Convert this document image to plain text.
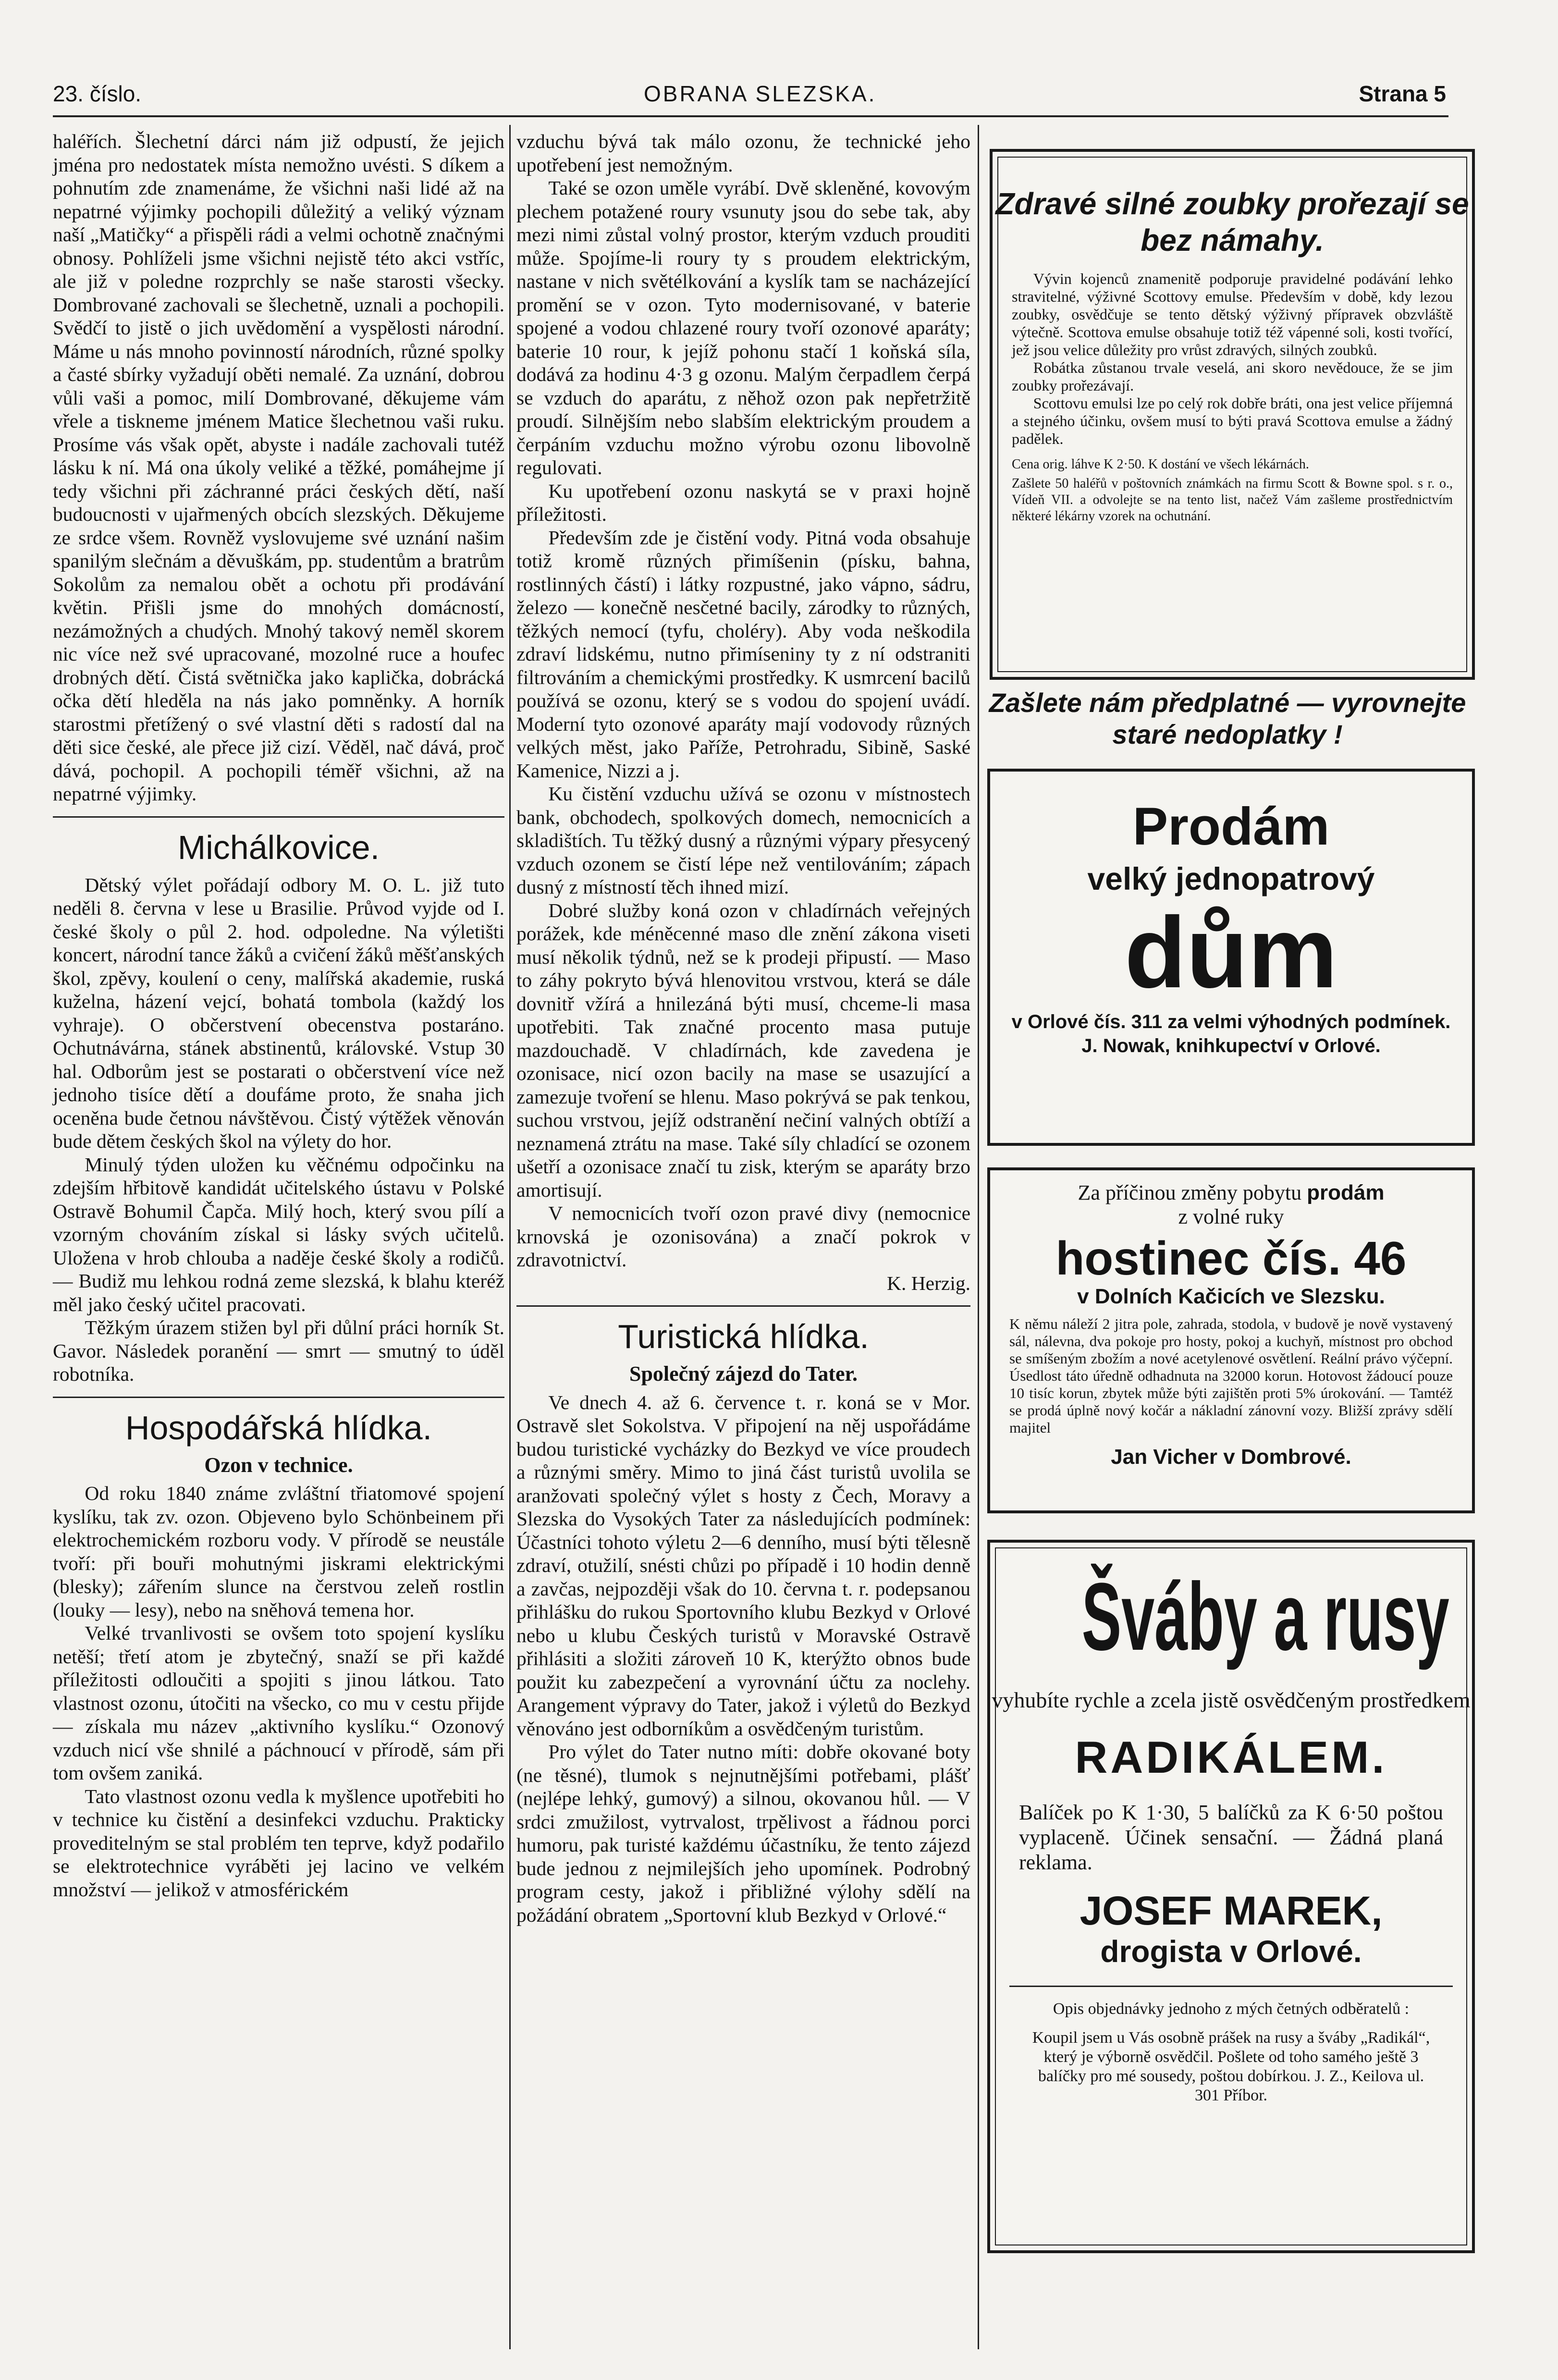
23. číslo.	OBRANA SLEZSKA.	Strana 5

haléřích. Šlechetní dárci nám již odpustí, že jejich jména pro nedostatek místa nemožno uvésti. S díkem a pohnutím zde znamenáme, že všichni naši lidé až na nepatrné výjimky pochopili důležitý a veliký význam naší „Matičky“ a přispěli rádi a velmi ochotně značnými obnosy. Pohlíželi jsme všichni nejistě této akci vstříc, ale již v poledne rozprchly se naše starosti všecky. Dombrované zachovali se šlechetně, uznali a pochopili. Svědčí to jistě o jich uvědomění a vyspělosti národní. Máme u nás mnoho povinností národních, různé spolky a časté sbírky vyžadují oběti nemalé. Za uznání, dobrou vůli vaši a pomoc, milí Dombrované, děkujeme vám vřele a tiskneme jménem Matice šlechetnou vaši ruku. Prosíme vás však opět, abyste i nadále zachovali tutéž lásku k ní. Má ona úkoly veliké a těžké, pomáhejme jí tedy všichni při záchranné práci českých dětí, naší budoucnosti v ujařmených obcích slezských. Děkujeme ze srdce všem. Rovněž vyslovujeme své uznání našim spanilým slečnám a děvuškám, pp. studentům a bratrům Sokolům za nemalou obět a ochotu při prodávání květin. Přišli jsme do mnohých domácností, nezámožných a chudých. Mnohý takový neměl skorem nic více než své upracované, mozolné ruce a houfec drobných dětí. Čistá světnička jako kaplička, dobrácká očka dětí hleděla na nás jako pomněnky. A horník starostmi přetížený o své vlastní děti s radostí dal na děti sice české, ale přece již cizí. Věděl, nač dává, proč dává, pochopil. A pochopili téměř všichni, až na nepatrné výjimky.

Michálkovice.

Dětský výlet pořádají odbory M. O. L. již tuto neděli 8. června v lese u Brasilie. Průvod vyjde od I. české školy o půl 2. hod. odpoledne. Na výletišti koncert, národní tance žáků a cvičení žáků měšťanských škol, zpěvy, koulení o ceny, malířská akademie, ruská kuželna, házení vejcí, bohatá tombola (každý los vyhraje). O občerstvení obecenstva postaráno. Ochutnávárna, stánek abstinentů, královské. Vstup 30 hal. Odborům jest se postarati o občerstvení více než jednoho tisíce dětí a doufáme proto, že snaha jich oceněna bude četnou návštěvou. Čistý výtěžek věnován bude dětem českých škol na výlety do hor.

Minulý týden uložen ku věčnému odpočinku na zdejším hřbitově kandidát učitelského ústavu v Polské Ostravě Bohumil Čapča. Milý hoch, který svou pílí a vzorným chováním získal si lásky svých učitelů. Uložena v hrob chlouba a naděje české školy a rodičů. — Budiž mu lehkou rodná zeme slezská, k blahu kteréž měl jako český učitel pracovati.

Těžkým úrazem stižen byl při důlní práci horník St. Gavor. Následek poranění — smrt — smutný to úděl robotníka.

Hospodářská hlídka.
Ozon v technice.

Od roku 1840 známe zvláštní třiatomové spojení kyslíku, tak zv. ozon. Objeveno bylo Schönbeinem při elektrochemickém rozboru vody. V přírodě se neustále tvoří: při bouři mohutnými jiskrami elektrickými (blesky); zářením slunce na čerstvou zeleň rostlin (louky — lesy), nebo na sněhová temena hor.

Velké trvanlivosti se ovšem toto spojení kyslíku netěší; třetí atom je zbytečný, snaží se při každé příležitosti odloučiti a spojiti s jinou látkou. Tato vlastnost ozonu, útočiti na všecko, co mu v cestu přijde — získala mu název „aktivního kyslíku.“ Ozonový vzduch nicí vše shnilé a páchnoucí v přírodě, sám při tom ovšem zaniká.

Tato vlastnost ozonu vedla k myšlence upotřebiti ho v technice ku čistění a desinfekci vzduchu. Prakticky proveditelným se stal problém ten teprve, když podařilo se elektrotechnice vyráběti jej lacino ve velkém množství — jelikož v atmosférickém

vzduchu bývá tak málo ozonu, že technické jeho upotřebení jest nemožným.

Také se ozon uměle vyrábí. Dvě skleněné, kovovým plechem potažené roury vsunuty jsou do sebe tak, aby mezi nimi zůstal volný prostor, kterým vzduch prouditi může. Spojíme-li roury ty s proudem elektrickým, nastane v nich světélkování a kyslík tam se nacházející promění se v ozon. Tyto modernisované, v baterie spojené a vodou chlazené roury tvoří ozonové aparáty; baterie 10 rour, k jejíž pohonu stačí 1 koňská síla, dodává za hodinu 4·3 g ozonu. Malým čerpadlem čerpá se vzduch do aparátu, z něhož ozon pak nepřetržitě proudí. Silnějším nebo slabším elektrickým proudem a čerpáním vzduchu možno výrobu ozonu libovolně regulovati.

Ku upotřebení ozonu naskytá se v praxi hojně příležitosti.

Především zde je čistění vody. Pitná voda obsahuje totiž kromě různých přimíšenin (písku, bahna, rostlinných částí) i látky rozpustné, jako vápno, sádru, železo — konečně nesčetné bacily, zárodky to různých, těžkých nemocí (tyfu, choléry). Aby voda neškodila zdraví lidskému, nutno přimíseniny ty z ní odstraniti filtrováním a chemickými prostředky. K usmrcení bacilů používá se ozonu, který se s vodou do spojení uvádí. Moderní tyto ozonové aparáty mají vodovody různých velkých měst, jako Paříže, Petrohradu, Sibině, Saské Kamenice, Nizzi a j.

Ku čistění vzduchu užívá se ozonu v místnostech bank, obchodech, spolkových domech, nemocnicích a skladištích. Tu těžký dusný a různými výpary přesycený vzduch ozonem se čistí lépe než ventilováním; zápach dusný z místností těch ihned mizí.

Dobré služby koná ozon v chladírnách veřejných porážek, kde méněcenné maso dle znění zákona viseti musí několik týdnů, než se k prodeji připustí. — Maso to záhy pokryto bývá hlenovitou vrstvou, která se dále dovnitř vžírá a hnilezáná býti musí, chceme-li masa upotřebiti. Tak značné procento masa putuje mazdouchadě. V chladírnách, kde zavedena je ozonisace, nicí ozon bacily na mase se usazující a zamezuje tvoření se hlenu. Maso pokrývá se pak tenkou, suchou vrstvou, jejíž odstranění nečiní valných obtíží a neznamená ztrátu na mase. Také síly chladící se ozonem ušetří a ozonisace značí tu zisk, kterým se aparáty brzo amortisují.

V nemocnicích tvoří ozon pravé divy (nemocnice krnovská je ozonisována) a značí pokrok v zdravotnictví.

K. Herzig.
Turistická hlídka.
Společný zájezd do Tater.

Ve dnech 4. až 6. července t. r. koná se v Mor. Ostravě slet Sokolstva. V připojení na něj uspořádáme budou turistické vycházky do Bezkyd ve více proudech a různými směry. Mimo to jiná část turistů uvolila se aranžovati společný výlet s hosty z Čech, Moravy a Slezska do Vysokých Tater za následujících podmínek: Účastníci tohoto výletu 2—6 denního, musí býti tělesně zdraví, otužilí, snésti chůzi po případě i 10 hodin denně a zavčas, nejpozději však do 10. června t. r. podepsanou přihlášku do rukou Sportovního klubu Bezkyd v Orlové nebo u klubu Českých turistů v Moravské Ostravě přihlásiti a složiti zároveň 10 K, kterýžto obnos bude použit ku zabezpečení a vyrovnání účtu za noclehy. Arangement výpravy do Tater, jakož i výletů do Bezkyd věnováno jest odborníkům a osvědčeným turistům.

Pro výlet do Tater nutno míti: dobře okované boty (ne těsné), tlumok s nejnutnějšími potřebami, plášť (nejlépe lehký, gumový) a silnou, okovanou hůl. — V srdci zmužilost, vytrvalost, trpělivost a řádnou porci humoru, pak turisté každému účastníku, že tento zájezd bude jednou z nejmilejších jeho upomínek. Podrobný program cesty, jakož i přibližné výlohy sdělí na požádání obratem „Sportovní klub Bezkyd v Orlové.“

Zdravé silné zoubky prořezají se bez námahy.

Vývin kojenců znamenitě podporuje pravidelné podávání lehko stravitelné, výživné Scottovy emulse. Především v době, kdy lezou zoubky, osvědčuje se tento dětský výživný přípravek obzvláště výtečně. Scottova emulse obsahuje totiž též vápenné soli, kosti tvořící, jež jsou velice důležity pro vrůst zdravých, silných zoubků.

Robátka zůstanou trvale veselá, ani skoro nevědouce, že se jim zoubky prořezávají.

Scottovu emulsi lze po celý rok dobře bráti, ona jest velice příjemná a stejného účinku, ovšem musí to býti pravá Scottova emulse a žádný padělek.

Cena orig. láhve K 2·50. K dostání ve všech lékárnách.
Zašlete 50 haléřů v poštovních známkách na firmu Scott & Bowne spol. s r. o., Vídeň VII. a odvolejte se na tento list, načež Vám zašleme prostřednictvím některé lékárny vzorek na ochutnání.
Zašlete nám předplatné — vyrovnejte staré nedoplatky !
Prodám
velký jednopatrový
dům
v Orlové čís. 311 za velmi výhodných podmínek. J. Nowak, knihkupectví v Orlové.
Za příčinou změny pobytu prodám
z volné ruky
hostinec čís. 46
v Dolních Kačicích ve Slezsku.
K němu náleží 2 jitra pole, zahrada, stodola, v budově je nově vystavený sál, nálevna, dva pokoje pro hosty, pokoj a kuchyň, místnost pro obchod se smíšeným zbožím a nové acetylenové osvětlení. Reální právo výčepní. Úsedlost táto úředně odhadnuta na 32000 korun. Hotovost žádoucí pouze 10 tisíc korun, zbytek může býti zajištěn proti 5% úrokování. — Tamtéž se prodá úplně nový kočár a nákladní zánovní vozy. Bližší zprávy sdělí majitel
Jan Vicher v Dombrové.
Šváby a rusy
vyhubíte rychle a zcela jistě osvědčeným prostředkem
RADIKÁLEM.
Balíček po K 1·30, 5 balíčků za K 6·50 poštou vyplaceně. Účinek sensační. — Žádná planá reklama.
JOSEF MAREK,
drogista v Orlové.
Opis objednávky jednoho z mých četných odběratelů :
Koupil jsem u Vás osobně prášek na rusy a šváby „Radikál“, který je výborně osvědčil. Pošlete od toho samého ještě 3 balíčky pro mé sousedy, poštou dobírkou. J. Z., Keilova ul. 301 Příbor.
